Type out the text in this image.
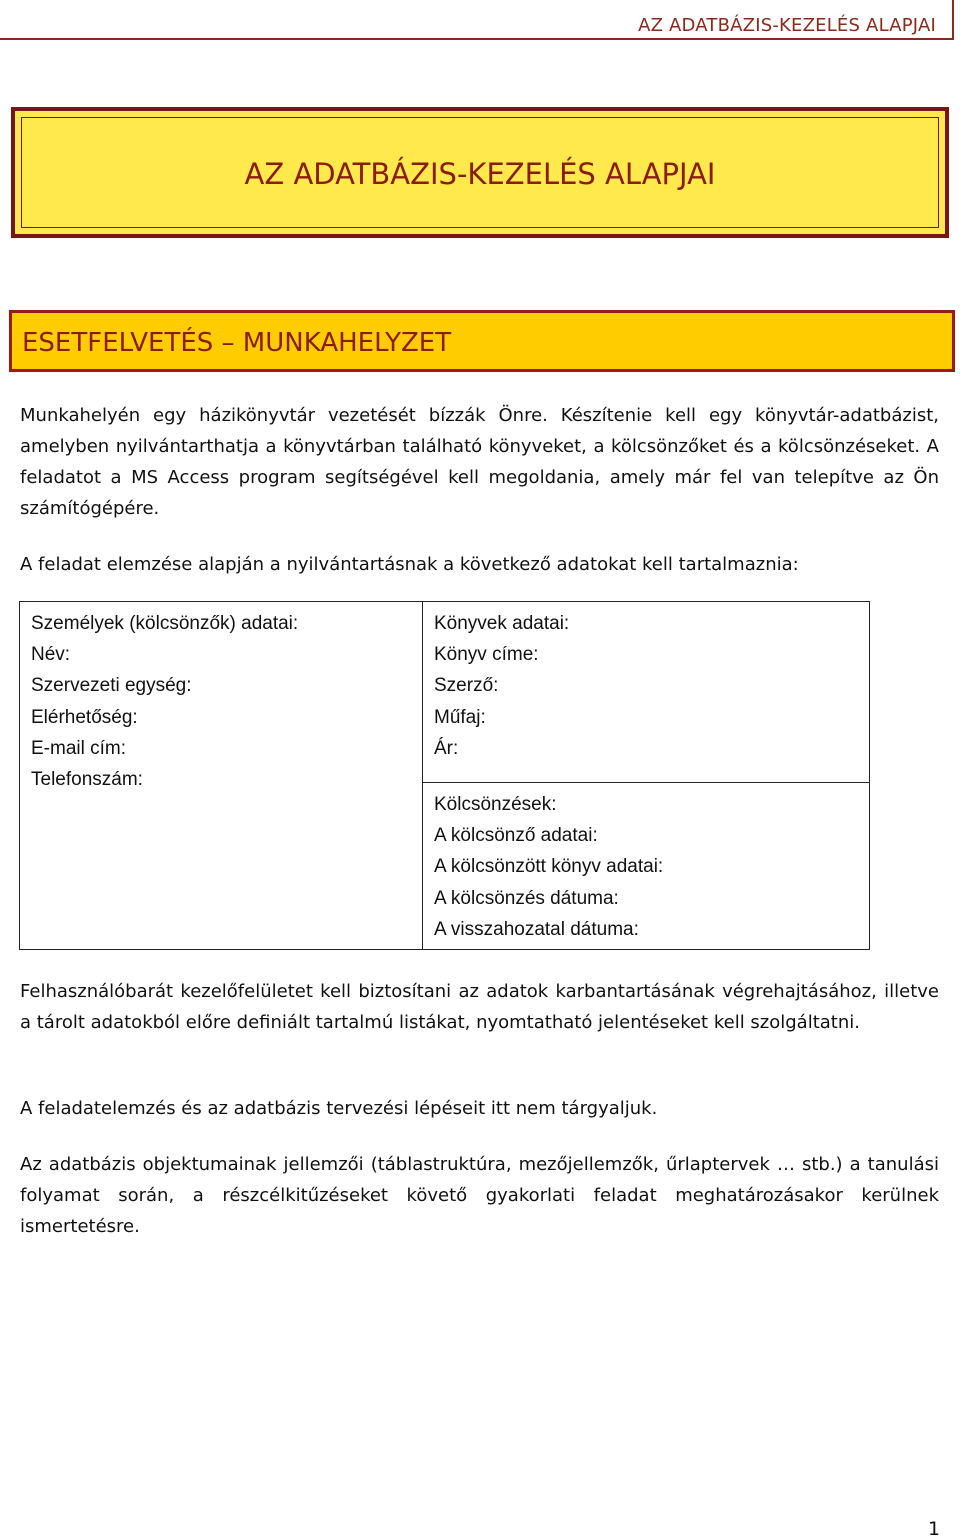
AZ ADATBÁZIS-KEZELÉS ALAPJAI
AZ ADATBÁZIS-KEZELÉS ALAPJAI
ESETFELVETÉS – MUNKAHELYZET

Munkahelyén egy házikönyvtár vezetését bízzák Önre. Készítenie kell egy könyvtár-adatbázist, amelyben nyilvántarthatja a könyvtárban található könyveket, a kölcsönzőket és a kölcsönzéseket. A feladatot a MS Access program segítségével kell megoldania, amely már fel van telepítve az Ön számítógépére.

A feladat elemzése alapján a nyilvántartásnak a következő adatokat kell tartalmaznia:

Személyek (kölcsönzők) adatai:
Név:
Szervezeti egység:
Elérhetőség:
E-mail cím:
Telefonszám:

Könyvek adatai:
Könyv címe:
Szerző:
Műfaj:
Ár:

Kölcsönzések:
A kölcsönző adatai:
A kölcsönzött könyv adatai:
A kölcsönzés dátuma:
A visszahozatal dátuma:

Felhasználóbarát kezelőfelületet kell biztosítani az adatok karbantartásának végrehajtásához, illetve a tárolt adatokból előre definiált tartalmú listákat, nyomtatható jelentéseket kell szolgáltatni.

A feladatelemzés és az adatbázis tervezési lépéseit itt nem tárgyaljuk.

Az adatbázis objektumainak jellemzői (táblastruktúra, mezőjellemzők, űrlaptervek … stb.) a tanulási folyamat során, a részcélkitűzéseket követő gyakorlati feladat meghatározásakor kerülnek ismertetésre.

1
